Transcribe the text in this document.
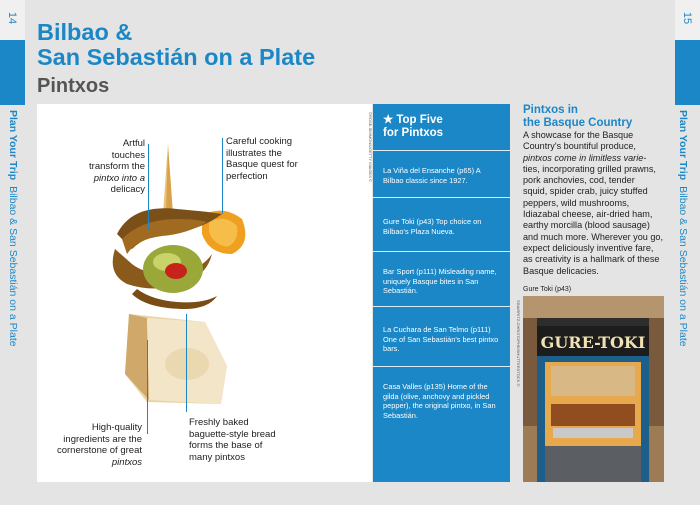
14	15
Plan Your Trip  Bilbao & San Sebastián on a Plate
Plan Your Trip  Bilbao & San Sebastián on a Plate
Bilbao &
San Sebastián on a Plate
Pintxos
©ROSE-SIMMONS/GETTY IMAGES ©
Artful touches
transform the
pintxo into a
delicacy
Careful cooking
illustrates the
Basque quest for
perfection
High-quality
ingredients are the
cornerstone of great
pintxos
Freshly baked
baguette-style bread
forms the base of
many pintxos
★ Top Five
for Pintxos
La Viña del Ensanche (p65) A
Bilbao classic since 1927.
Gure Toki (p43) Top choice on
Bilbao's Plaza Nueva.
Bar Sport (p111) Misleading name,
uniquely Basque bites in San
Sebastián.
La Cuchara de San Telmo (p111)
One of San Sebastián's best pintxo
bars.
Casa Valles (p135) Home of the
gilda (olive, anchovy and pickled
pepper), the original pintxo, in San
Sebastián.
Pintxos in
the Basque Country
A showcase for the Basque
Country's bountiful produce,
pintxos come in limitless varie-
ties, incorporating grilled prawns,
pork anchovies, cod, tender
squid, spider crab, juicy stuffed
peppers, wild mushrooms,
Idiazabal cheese, air-dried ham,
earthy morcilla (blood sausage)
and much more. Wherever you go,
expect deliciously inventive fare,
as creativity is a hallmark of these
Basque delicacies.
Gure Toki (p43)
©BIARRITZ-CHRISTOPHE/SHUTTERSTOCK © GURE-TOKI
